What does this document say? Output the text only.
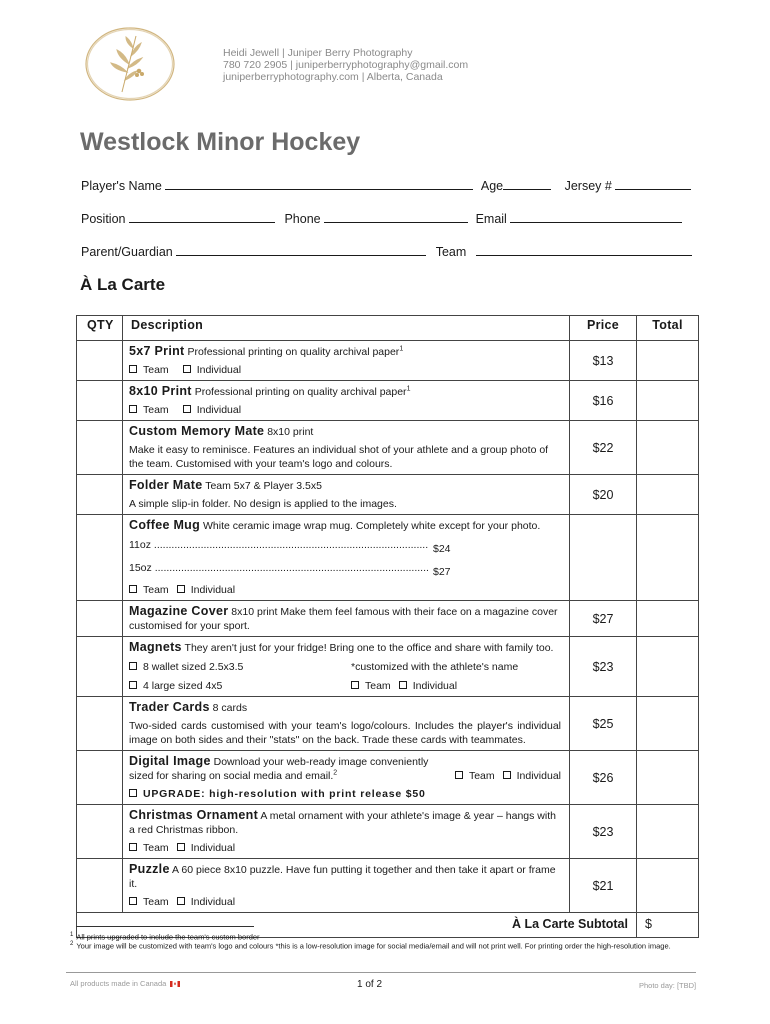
Heidi Jewell | Juniper Berry Photography
780 720 2905 | juniperberryphotography@gmail.com
juniperberryphotography.com | Alberta, Canada
Westlock Minor Hockey
Player's Name	Age	Jersey #
Position	Phone	Email
Parent/Guardian	Team
À La Carte
QTY	Description	Price	Total
	5x7 Print Professional printing on quality archival paper$^1$
Team Individual	$13	
	8x10 Print Professional printing on quality archival paper$^1$
Team Individual	$16	
	Custom Memory Mate 8x10 print
Make it easy to reminisce. Features an individual shot of your athlete and a group photo of the team. Customised with your team's logo and colours.	$22	
	Folder Mate Team 5x7 & Player 3.5x5
A simple slip-in folder. No design is applied to the images.	$20	
	Coffee Mug White ceramic image wrap mug. Completely white except for your photo.
11oz .............................................................................................. $24
15oz .............................................................................................. $27
Team Individual		

	Magazine Cover 8x10 print Make them feel famous with their face on a magazine cover customised for your sport.	$27	
	Magnets They aren't just for your fridge! Bring one to the office and share with family too.
8 wallet sized 2.5x3.5 *customized with the athlete's name
4 large sized 4x5 Team Individual	$23	
	Trader Cards 8 cards
Two-sided cards customised with your team's logo/colours. Includes the player's individual image on both sides and their "stats" on the back. Trade these cards with teammates.	$25	

	Digital Image Download your web-ready image conveniently sized for sharing on social media and email.$^2$ Team Individual
UPGRADE: high-resolution with print release $50	$26	
	Christmas Ornament A metal ornament with your athlete's image & year – hangs with a red Christmas ribbon.
Team Individual	$23	
	Puzzle A 60 piece 8x10 puzzle. Have fun putting it together and then take it apart or frame it.
Team Individual	$21	
À La Carte Subtotal			$
$^1$ All prints upgraded to include the team's custom border
$^2$ Your image will be customized with team's logo and colours *this is a low-resolution image for social media/email and will not print well. For printing order the high-resolution image.
All products made in Canada	1 of 2	Photo day: [TBD]
